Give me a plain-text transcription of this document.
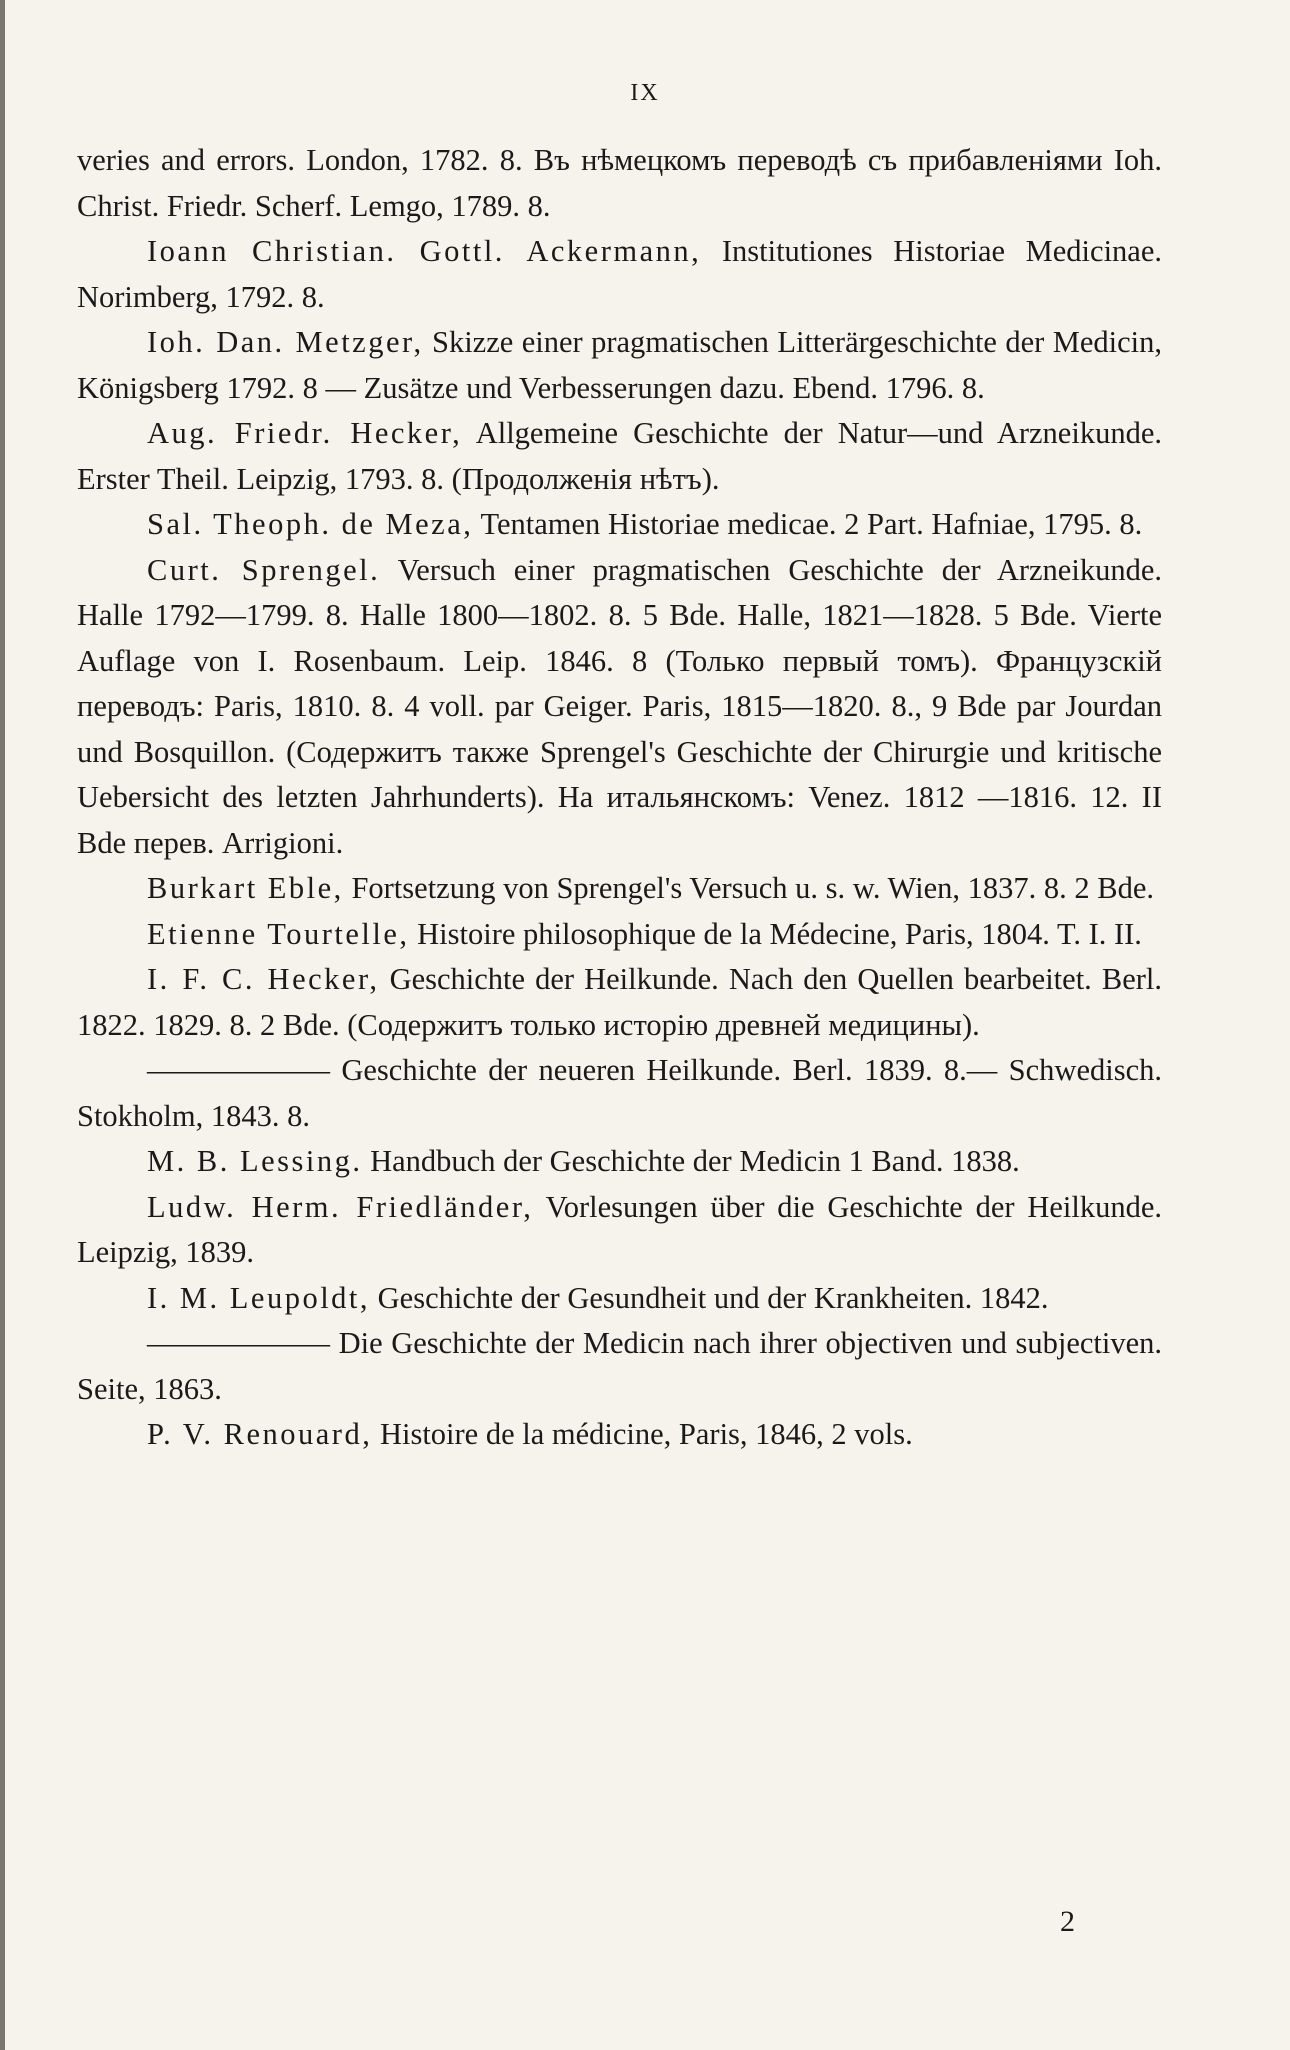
IX

veries and errors. London, 1782. 8. Въ нѣмецкомъ переводѣ съ прибавленіями Ioh. Christ. Friedr. Scherf. Lemgo, 1789. 8.

Ioann Christian. Gottl. Ackermann, Institutiones Historiae Medicinae. Norimberg, 1792. 8.

Ioh. Dan. Metzger, Skizze einer pragmatischen Litterärgeschichte der Medicin, Königsberg 1792. 8 — Zusätze und Verbesserungen dazu. Ebend. 1796. 8.

Aug. Friedr. Hecker, Allgemeine Geschichte der Natur—und Arzneikunde. Erster Theil. Leipzig, 1793. 8. (Продолженія нѣтъ).

Sal. Theoph. de Meza, Tentamen Historiae medicae. 2 Part. Hafniae, 1795. 8.

Curt. Sprengel. Versuch einer pragmatischen Geschichte der Arzneikunde. Halle 1792—1799. 8. Halle 1800—1802. 8. 5 Bde. Halle, 1821—1828. 5 Bde. Vierte Auflage von I. Rosenbaum. Leip. 1846. 8 (Только первый томъ). Французскій переводъ: Paris, 1810. 8. 4 voll. par Geiger. Paris, 1815—1820. 8., 9 Bde par Jourdan und Bosquillon. (Содержитъ также Sprengel's Geschichte der Chirurgie und kritische Uebersicht des letzten Jahrhunderts). На итальянскомъ: Venez. 1812 —1816. 12. II Bde перев. Arrigioni.

Burkart Eble, Fortsetzung von Sprengel's Versuch u. s. w. Wien, 1837. 8. 2 Bde.

Etienne Tourtelle, Histoire philosophique de la Médecine, Paris, 1804. T. I. II.

I. F. C. Hecker, Geschichte der Heilkunde. Nach den Quellen bearbeitet. Berl. 1822. 1829. 8. 2 Bde. (Содержитъ только исторію древней медицины).

—————— Geschichte der neueren Heilkunde. Berl. 1839. 8.— Schwedisch. Stokholm, 1843. 8.

M. B. Lessing. Handbuch der Geschichte der Medicin 1 Band. 1838.

Ludw. Herm. Friedländer, Vorlesungen über die Geschichte der Heilkunde. Leipzig, 1839.

I. M. Leupoldt, Geschichte der Gesundheit und der Krankheiten. 1842.

—————— Die Geschichte der Medicin nach ihrer objectiven und subjectiven. Seite, 1863.

P. V. Renouard, Histoire de la médicine, Paris, 1846, 2 vols.

2
